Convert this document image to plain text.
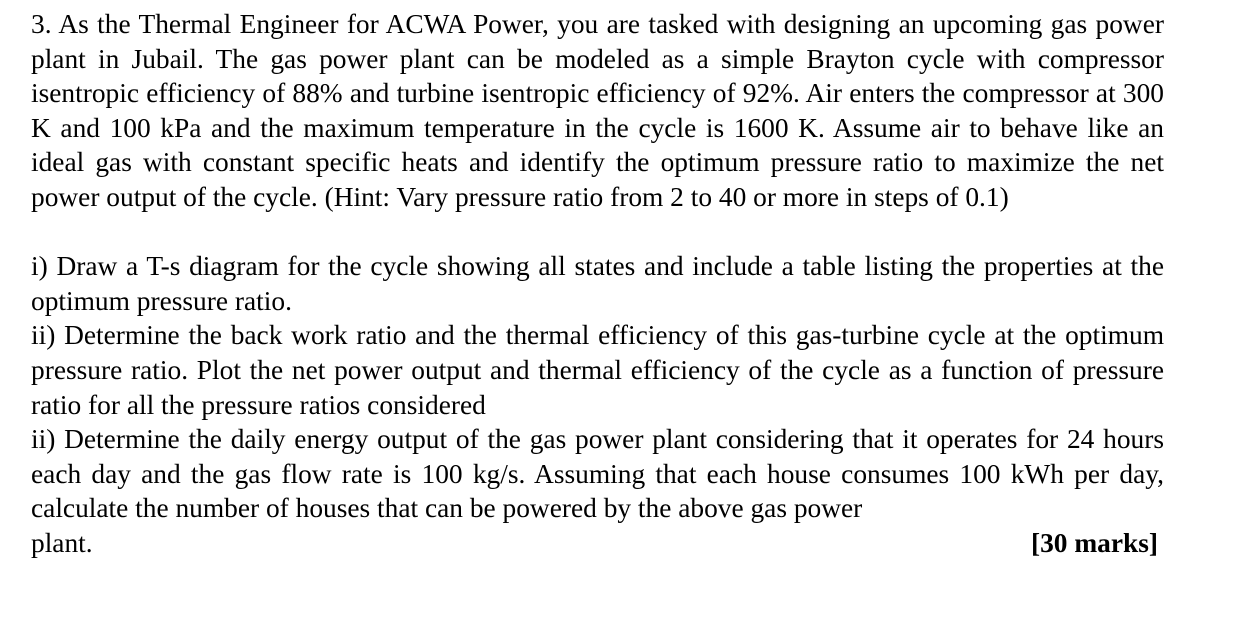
3. As the Thermal Engineer for ACWA Power, you are tasked with designing an upcoming gas power plant in Jubail. The gas power plant can be modeled as a simple Brayton cycle with compressor isentropic efficiency of 88% and turbine isentropic efficiency of 92%. Air enters the compressor at 300 K and 100 kPa and the maximum temperature in the cycle is 1600 K. Assume air to behave like an ideal gas with constant specific heats and identify the optimum pressure ratio to maximize the net power output of the cycle. (Hint: Vary pressure ratio from 2 to 40 or more in steps of 0.1)

i) Draw a T-s diagram for the cycle showing all states and include a table listing the properties at the optimum pressure ratio.

ii) Determine the back work ratio and the thermal efficiency of this gas-turbine cycle at the optimum pressure ratio. Plot the net power output and thermal efficiency of the cycle as a function of pressure ratio for all the pressure ratios considered

ii) Determine the daily energy output of the gas power plant considering that it operates for 24 hours each day and the gas flow rate is 100 kg/s. Assuming that each house consumes 100 kWh per day, calculate the number of houses that can be powered by the above gas power

plant.	[30 marks]
